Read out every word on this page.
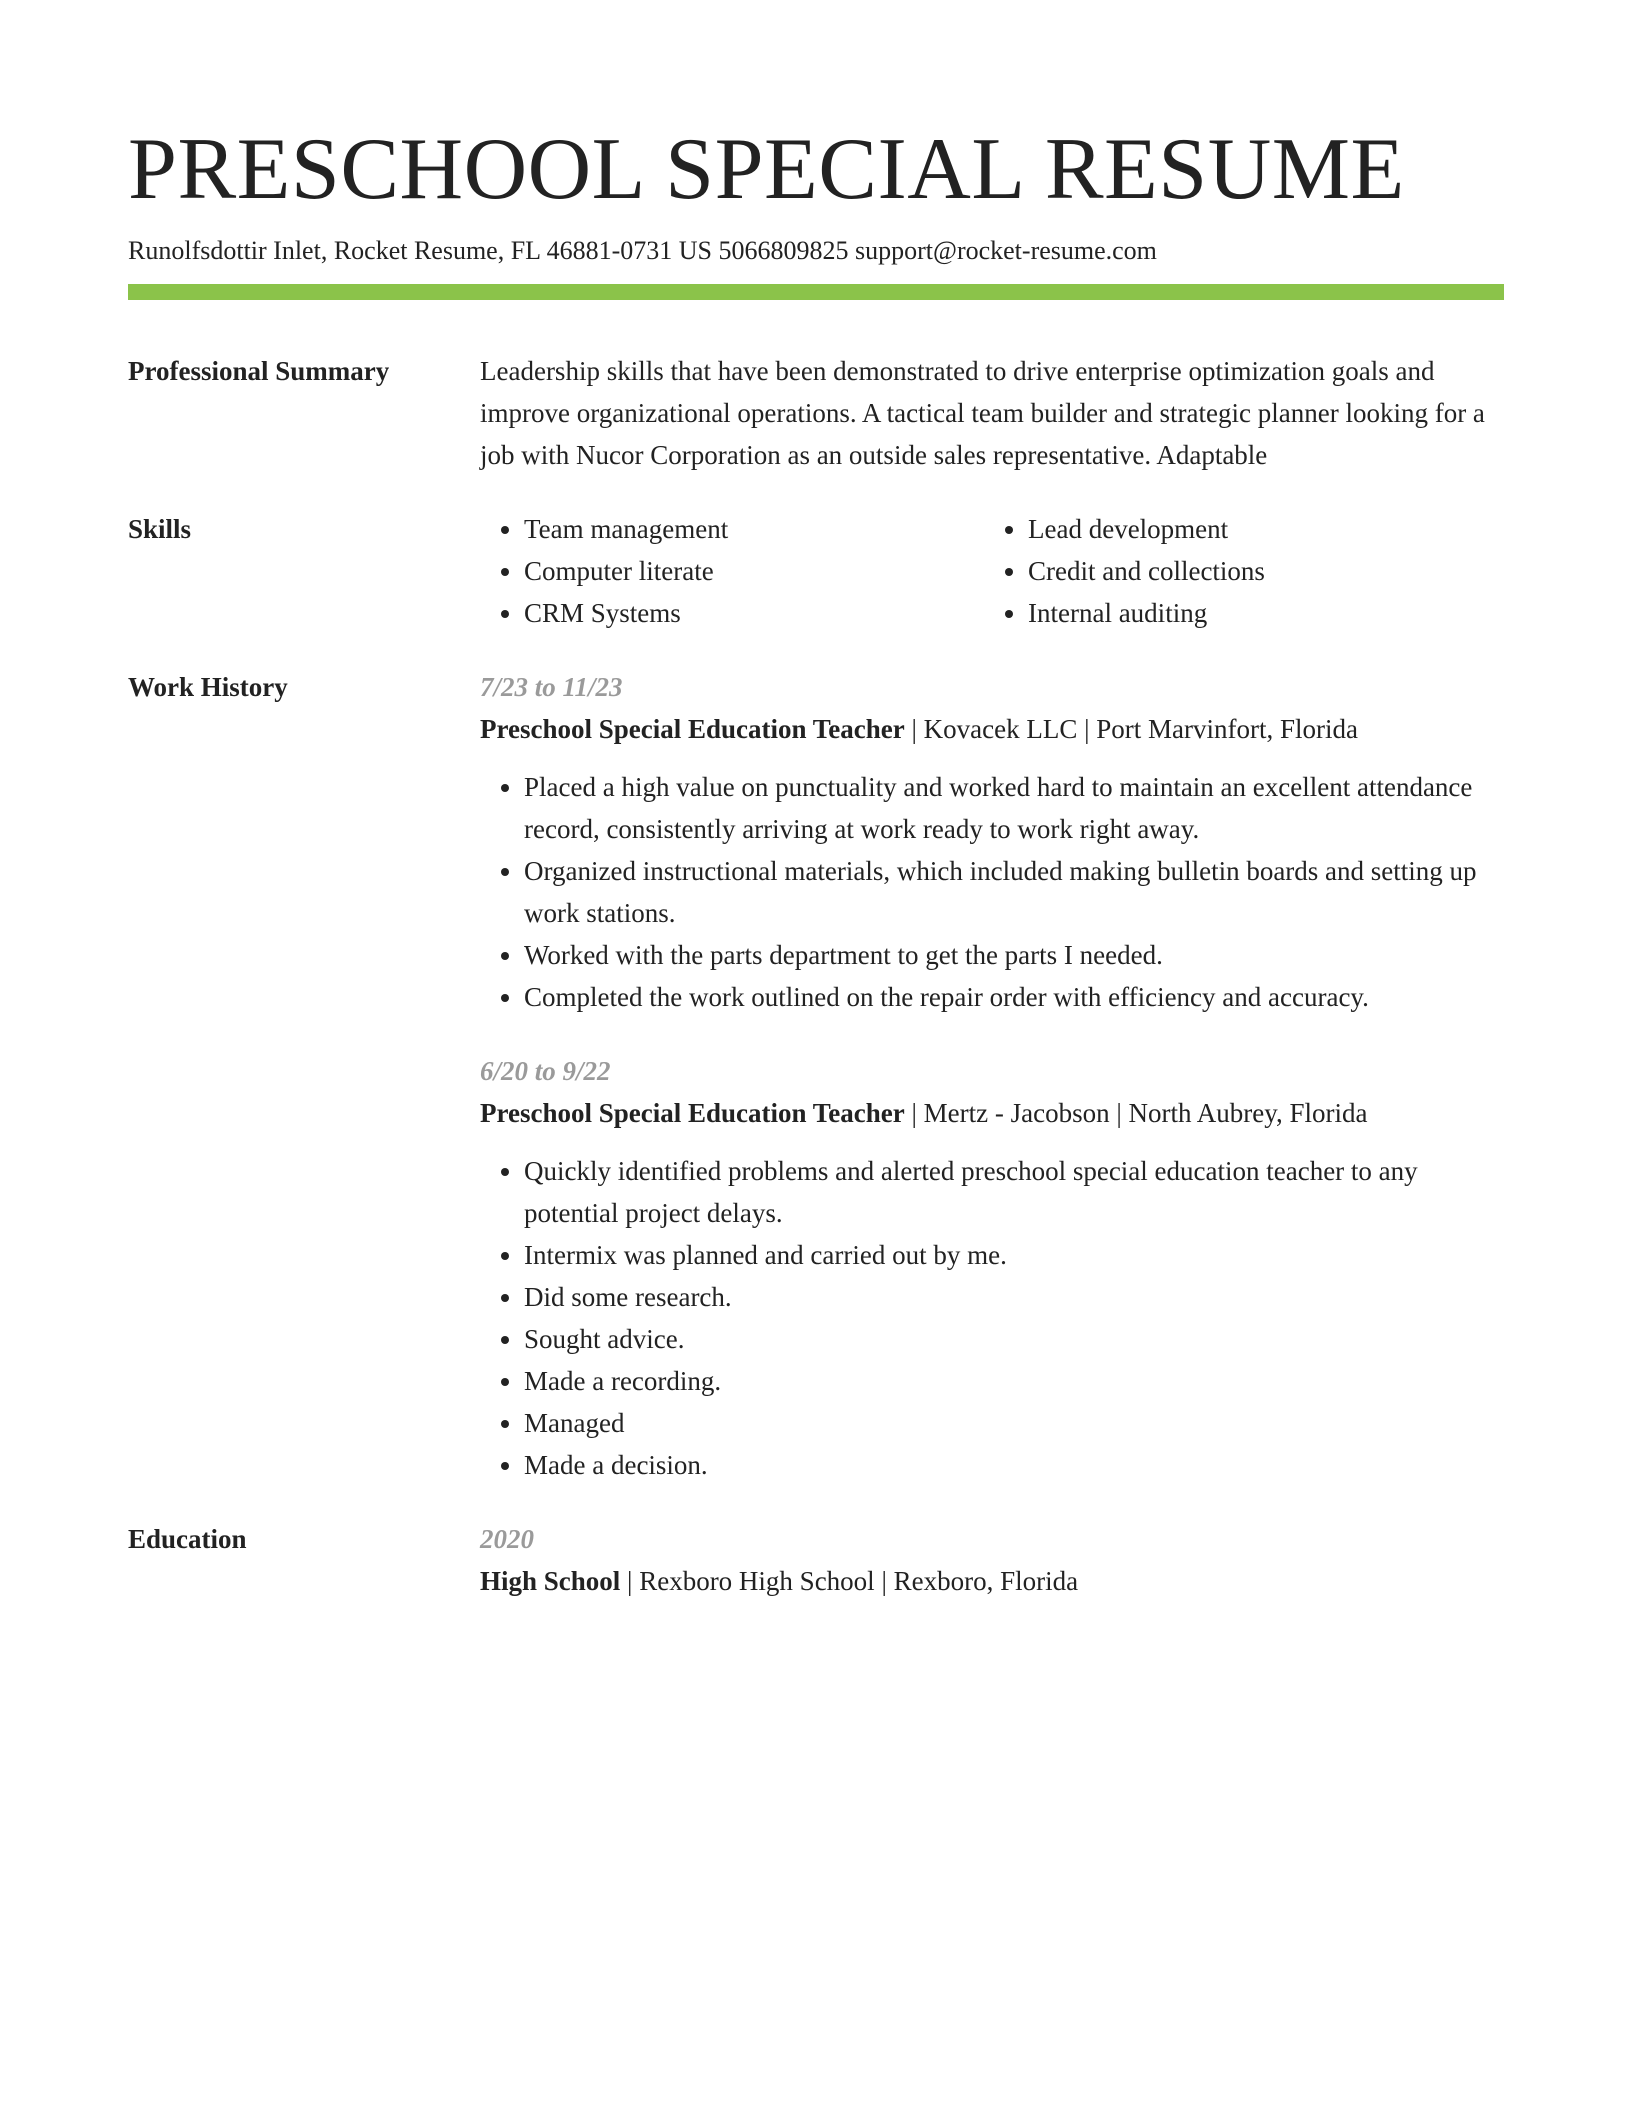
PRESCHOOL SPECIAL RESUME
Runolfsdottir Inlet, Rocket Resume, FL 46881-0731 US 5066809825 support@rocket-resume.com
Professional Summary	Leadership skills that have been demonstrated to drive enterprise optimization goals and improve organizational operations. A tactical team builder and strategic planner looking for a job with Nucor Corporation as an outside sales representative. Adaptable

Skills
•	Team management
• Computer literate
• CRM Systems
• Lead development
• Credit and collections
• Internal auditing
Work History	7/23 to 11/23
Preschool Special Education Teacher | Kovacek LLC | Port Marvinfort, Florida
• Placed a high value on punctuality and worked hard to maintain an excellent attendance record, consistently arriving at work ready to work right away.
• Organized instructional materials, which included making bulletin boards and setting up work stations.
• Worked with the parts department to get the parts I needed.
• Completed the work outlined on the repair order with efficiency and accuracy.
6/20 to 9/22
Preschool Special Education Teacher | Mertz - Jacobson | North Aubrey, Florida
• Quickly identified problems and alerted preschool special education teacher to any potential project delays.
• Intermix was planned and carried out by me.
• Did some research.
• Sought advice.
• Made a recording.
• Managed
• Made a decision.
Education	2020
High School | Rexboro High School | Rexboro, Florida
